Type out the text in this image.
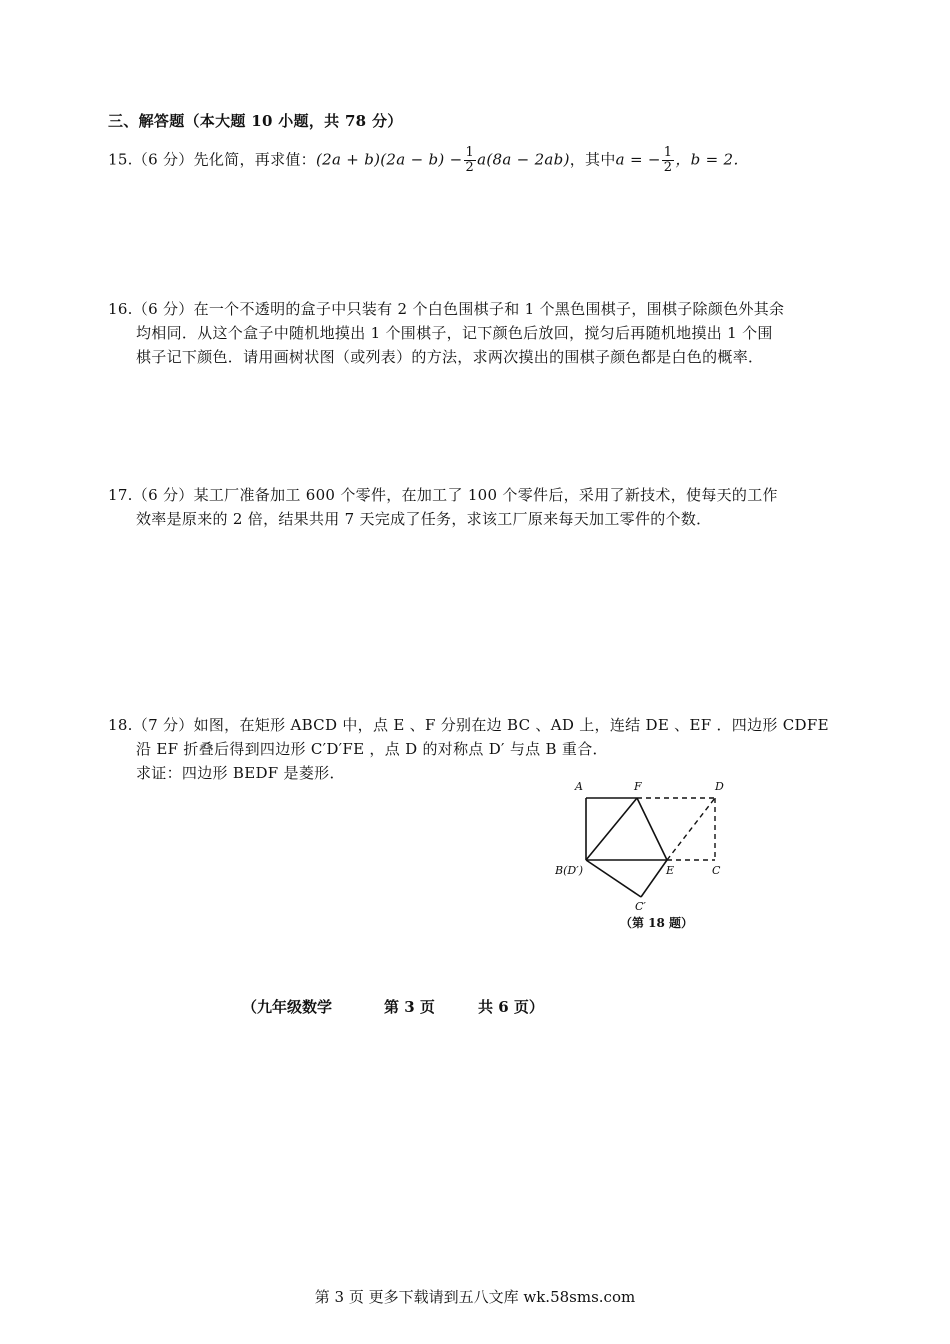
三、解答题（本大题 10 小题，共 78 分）
15.（6 分）先化简，再求值：$(2a + b)(2a - b) - \frac{1}{2} a(8a - 2ab)$，其中a = − $\frac{1}{2}$ ，b = 2．
16.（6 分）在一个不透明的盒子中只装有 2 个白色围棋子和 1 个黑色围棋子，围棋子除颜色外其余
均相同．从这个盒子中随机地摸出 1 个围棋子，记下颜色后放回，搅匀后再随机地摸出 1 个围
棋子记下颜色．请用画树状图（或列表）的方法，求两次摸出的围棋子颜色都是白色的概率．
17.（6 分）某工厂准备加工 600 个零件，在加工了 100 个零件后，采用了新技术，使每天的工作
效率是原来的 2 倍，结果共用 7 天完成了任务，求该工厂原来每天加工零件的个数．
18.（7 分）如图，在矩形 ABCD 中，点 E 、F 分别在边 BC 、AD 上，连结 DE 、EF ．四边形 CDFE
沿 EF 折叠后得到四边形 C′D′FE ，点 D 的对称点 D′ 与点 B 重合．
求证：四边形 BEDF 是菱形．
A	F	D
B(D′)	E	C
C′
（第 18 题）
（九年级数学	第 3 页	共 6 页）
第 3 页 更多下载请到五八文库 wk.58sms.com
